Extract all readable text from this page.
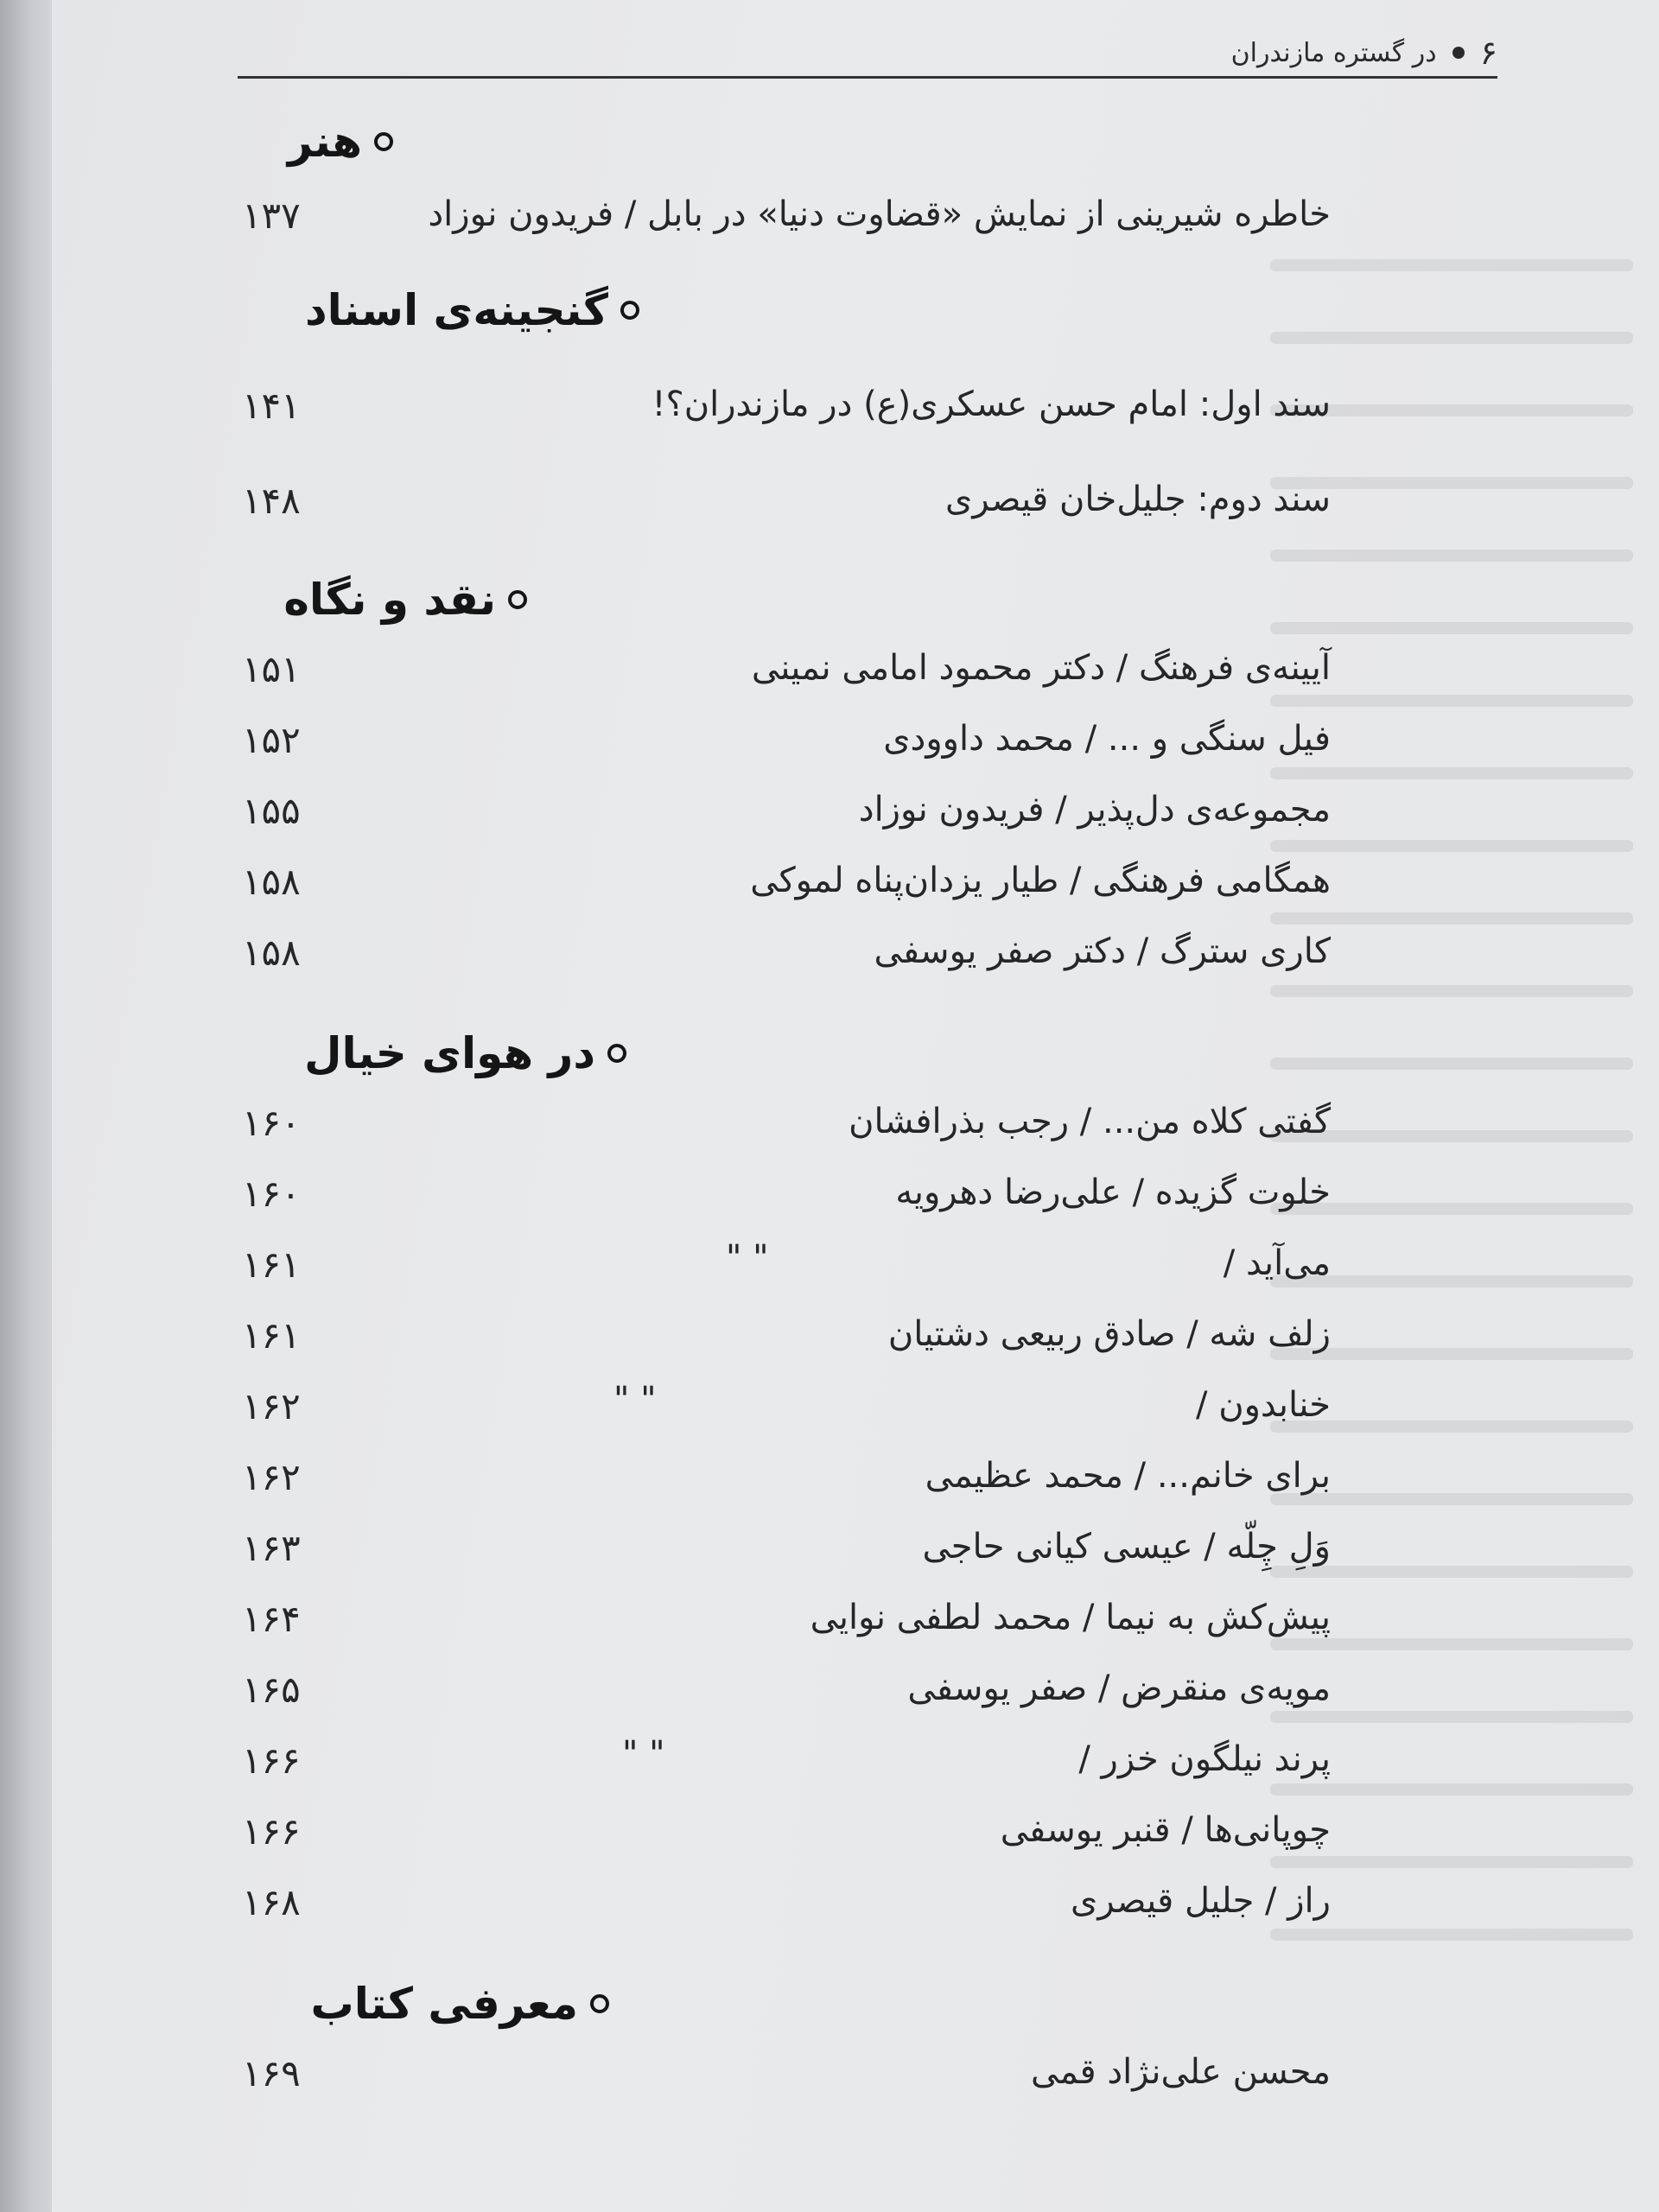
۶
در گستره مازندران
هنر
خاطره شیرینی از نمایش «قضاوت دنیا» در بابل / فریدون نوزاد
۱۳۷
گنجینه‌ی اسناد
سند اول: امام حسن عسکری(ع) در مازندران؟!
۱۴۱
سند دوم: جلیل‌خان قیصری
۱۴۸
نقد و نگاه
آیینه‌ی فرهنگ / دکتر محمود امامی نمینی
۱۵۱
فیل سنگی و ... / محمد داوودی
۱۵۲
مجموعه‌ی دل‌پذیر / فریدون نوزاد
۱۵۵
همگامی فرهنگی / طیار یزدان‌پناه لموکی
۱۵۸
کاری سترگ / دکتر صفر یوسفی
۱۵۸
در هوای خیال
گفتی کلاه من... / رجب بذرافشان
۱۶۰
خلوت گزیده / علی‌رضا دهرویه
۱۶۰
می‌آید /
" "
۱۶۱
زلف شه / صادق ربیعی دشتیان
۱۶۱
خنابدون /
" "
۱۶۲
برای خانم... / محمد عظیمی
۱۶۲
وَلِ چِلّه / عیسی کیانی حاجی
۱۶۳
پیش‌کش به نیما / محمد لطفی نوایی
۱۶۴
مویه‌ی منقرض / صفر یوسفی
۱۶۵
پرند نیلگون خزر /
" "
۱۶۶
چوپانی‌ها / قنبر یوسفی
۱۶۶
راز / جلیل قیصری
۱۶۸
معرفی کتاب
محسن علی‌نژاد قمی
۱۶۹
